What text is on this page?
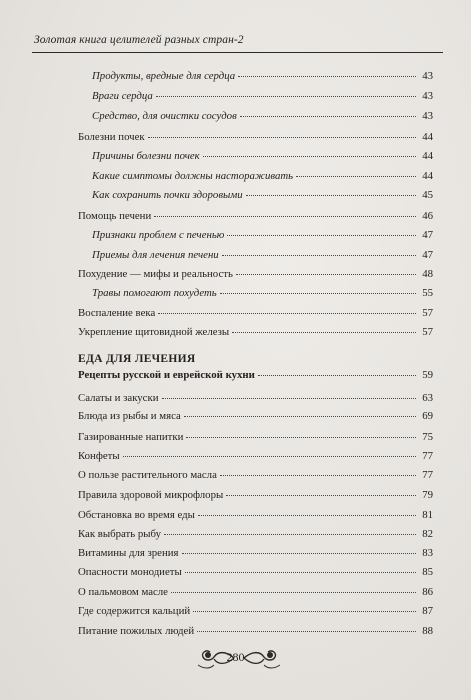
Золотая книга целителей разных стран-2
Продукты, вредные для сердца	43
Враги сердца	43
Средство, для очистки сосудов	43
Болезни почек	44
Причины болезни почек	44
Какие симптомы должны настораживать	44
Как сохранить почки здоровыми	45
Помощь печени	46
Признаки проблем с печенью	47
Приемы для лечения печени	47
Похудение — мифы и реальность	48
Травы помогают похудеть	55
Воспаление века	57
Укрепление щитовидной железы	57
ЕДА ДЛЯ ЛЕЧЕНИЯ
Рецепты русской и еврейской кухни	59
Салаты и закуски	63
Блюда из рыбы и мяса	69
Газированные напитки	75
Конфеты	77
О пользе растительного масла	77
Правила здоровой микрофлоры	79
Обстановка во время еды	81
Как выбрать рыбу	82
Витамины для зрения	83
Опасности монодиеты	85
О пальмовом масле	86
Где содержится кальций	87
Питание пожилых людей	88
280
